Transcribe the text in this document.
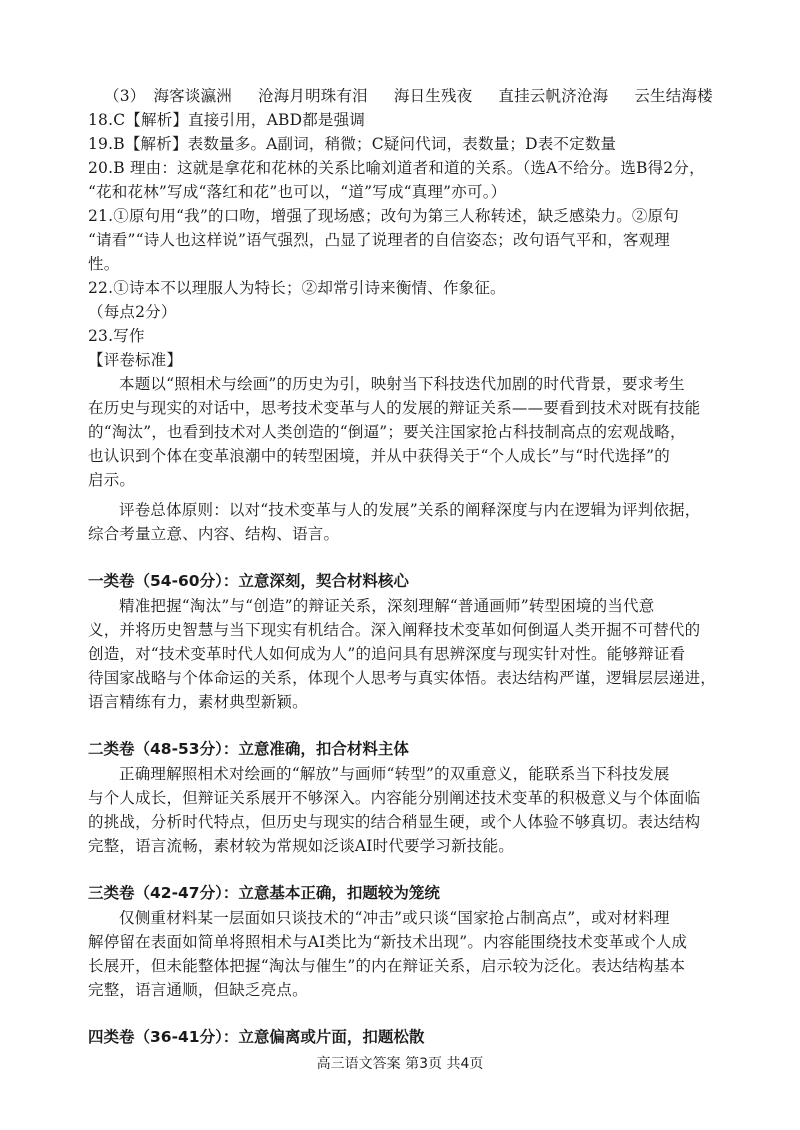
（3） 海客谈瀛洲 沧海月明珠有泪 海日生残夜 直挂云帆济沧海 云生结海楼

18.C【解析】直接引用，ABD都是强调

19.B【解析】表数量多。A副词，稍微；C疑问代词，表数量；D表不定数量

20.B 理由：这就是拿花和花林的关系比喻刘道者和道的关系。（选A不给分。选B得2分，

“花和花林”写成“落红和花”也可以，“道”写成“真理”亦可。）

21.①原句用“我”的口吻，增强了现场感；改句为第三人称转述，缺乏感染力。②原句

“请看”“诗人也这样说”语气强烈，凸显了说理者的自信姿态；改句语气平和，客观理

性。

22.①诗本不以理服人为特长；②却常引诗来衡情、作象征。

（每点2分）

23.写作

【评卷标准】

本题以“照相术与绘画”的历史为引，映射当下科技迭代加剧的时代背景，要求考生

在历史与现实的对话中，思考技术变革与人的发展的辩证关系——要看到技术对既有技能

的“淘汰”，也看到技术对人类创造的“倒逼”；要关注国家抢占科技制高点的宏观战略，

也认识到个体在变革浪潮中的转型困境，并从中获得关于“个人成长”与“时代选择”的

启示。

评卷总体原则：以对“技术变革与人的发展”关系的阐释深度与内在逻辑为评判依据，

综合考量立意、内容、结构、语言。

一类卷（54-60分）：立意深刻，契合材料核心

精准把握“淘汰”与“创造”的辩证关系，深刻理解“普通画师”转型困境的当代意

义，并将历史智慧与当下现实有机结合。深入阐释技术变革如何倒逼人类开掘不可替代的

创造，对“技术变革时代人如何成为人”的追问具有思辨深度与现实针对性。能够辩证看

待国家战略与个体命运的关系，体现个人思考与真实体悟。表达结构严谨，逻辑层层递进，

语言精练有力，素材典型新颖。

二类卷（48-53分）：立意准确，扣合材料主体

正确理解照相术对绘画的“解放”与画师“转型”的双重意义，能联系当下科技发展

与个人成长，但辩证关系展开不够深入。内容能分别阐述技术变革的积极意义与个体面临

的挑战，分析时代特点，但历史与现实的结合稍显生硬，或个人体验不够真切。表达结构

完整，语言流畅，素材较为常规如泛谈AI时代要学习新技能。

三类卷（42-47分）：立意基本正确，扣题较为笼统

仅侧重材料某一层面如只谈技术的“冲击”或只谈“国家抢占制高点”，或对材料理

解停留在表面如简单将照相术与AI类比为“新技术出现”。内容能围绕技术变革或个人成

长展开，但未能整体把握“淘汰与催生”的内在辩证关系，启示较为泛化。表达结构基本

完整，语言通顺，但缺乏亮点。

四类卷（36-41分）：立意偏离或片面，扣题松散

高三语文答案 第3页 共4页
